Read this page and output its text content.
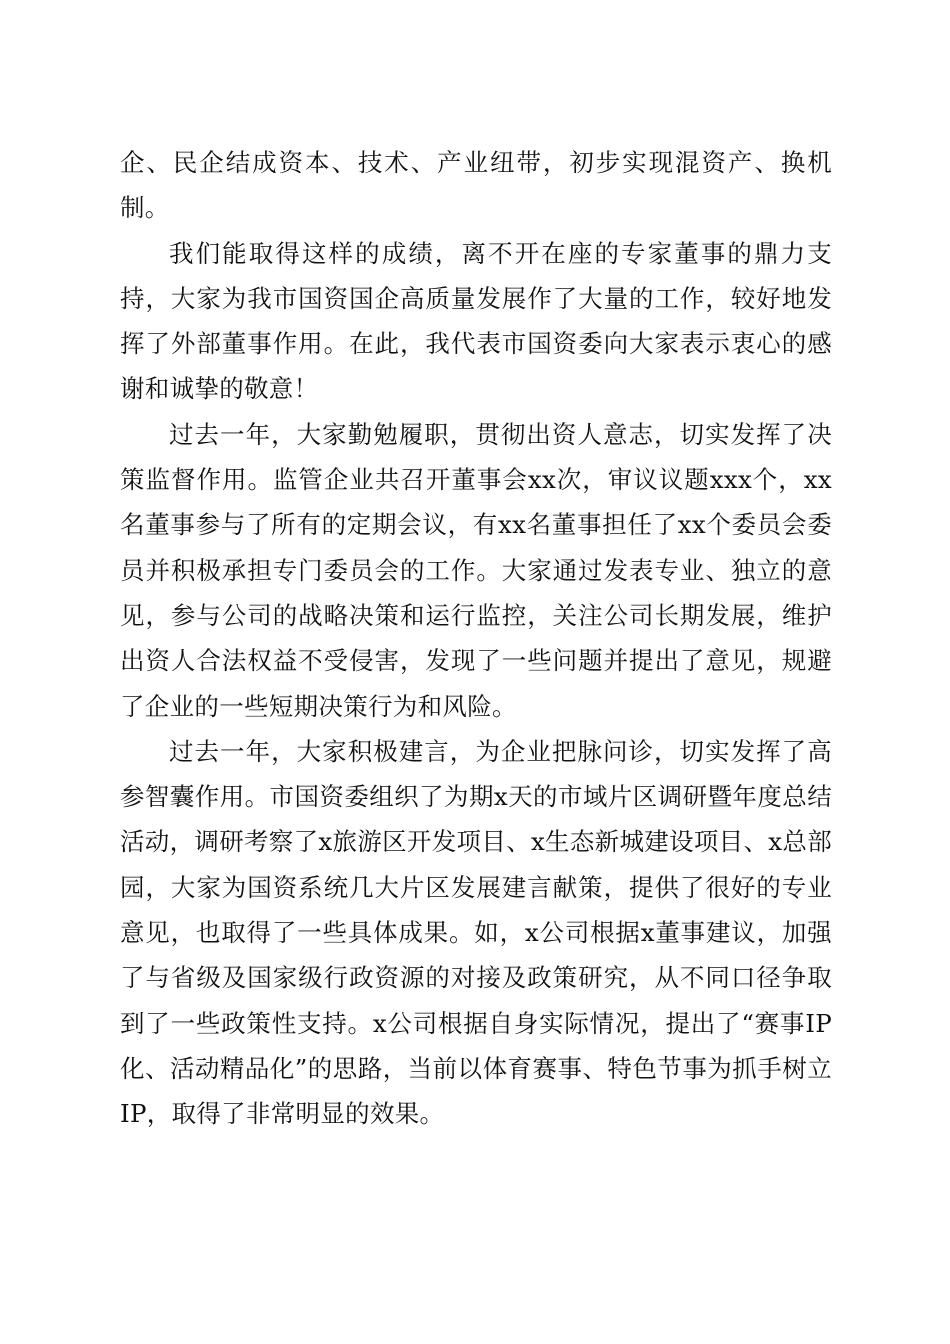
企、民企结成资本、技术、产业纽带，初步实现混资产、换机制。

我们能取得这样的成绩，离不开在座的专家董事的鼎力支持，大家为我市国资国企高质量发展作了大量的工作，较好地发挥了外部董事作用。在此，我代表市国资委向大家表示衷心的感谢和诚挚的敬意！

过去一年，大家勤勉履职，贯彻出资人意志，切实发挥了决策监督作用。监管企业共召开董事会xx次，审议议题xxx个，xx名董事参与了所有的定期会议，有xx名董事担任了xx个委员会委员并积极承担专门委员会的工作。大家通过发表专业、独立的意见，参与公司的战略决策和运行监控，关注公司长期发展，维护出资人合法权益不受侵害，发现了一些问题并提出了意见，规避了企业的一些短期决策行为和风险。

过去一年，大家积极建言，为企业把脉问诊，切实发挥了高参智囊作用。市国资委组织了为期x天的市域片区调研暨年度总结活动，调研考察了x旅游区开发项目、x生态新城建设项目、x总部园，大家为国资系统几大片区发展建言献策，提供了很好的专业意见，也取得了一些具体成果。如，x公司根据x董事建议，加强了与省级及国家级行政资源的对接及政策研究，从不同口径争取到了一些政策性支持。x公司根据自身实际情况，提出了“赛事IP化、活动精品化”的思路，当前以体育赛事、特色节事为抓手树立IP，取得了非常明显的效果。
